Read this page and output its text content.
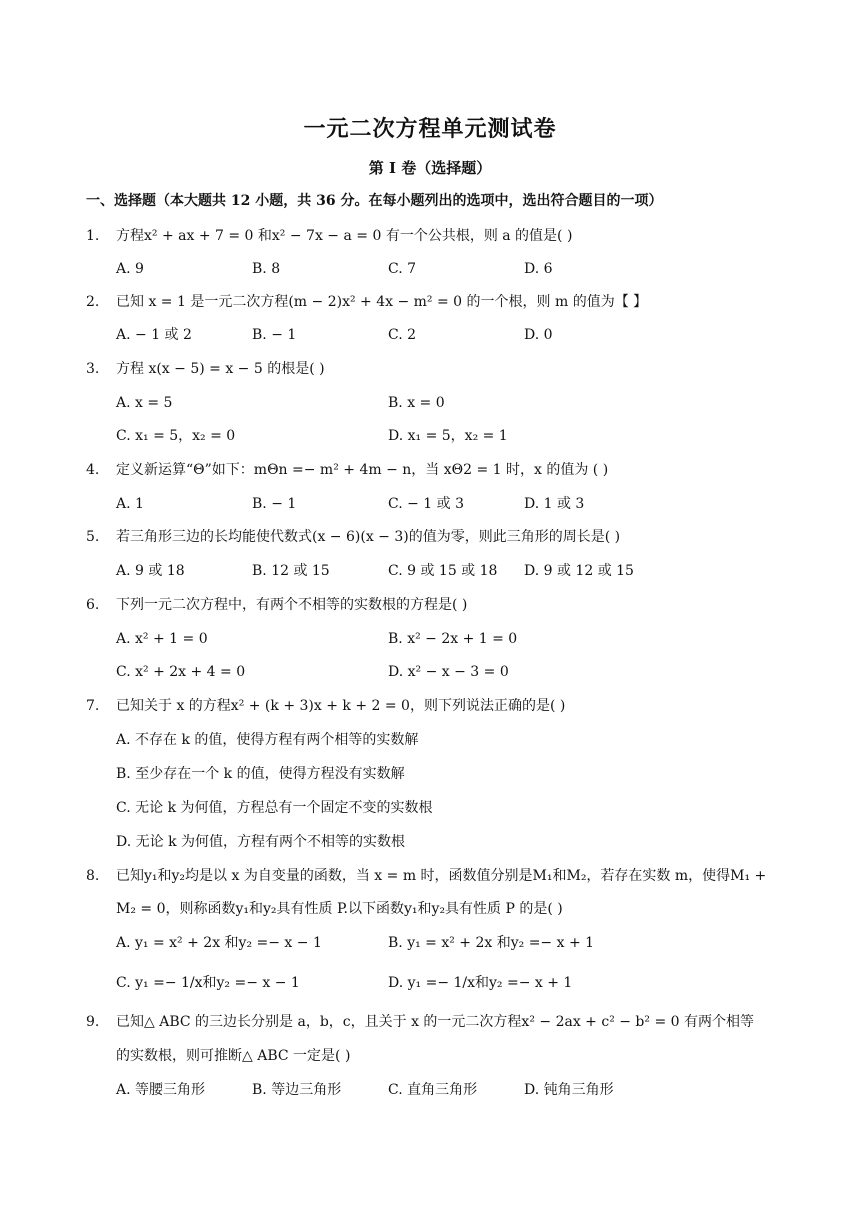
一元二次方程单元测试卷
第 I 卷（选择题）
一、选择题（本大题共 12 小题，共 36 分。在每小题列出的选项中，选出符合题目的一项）
1.	方程x² + ax + 7 = 0 和x² − 7x − a = 0 有一个公共根，则 a 的值是( )
A. 9	B. 8	C. 7	D. 6
2.	已知 x = 1 是一元二次方程(m − 2)x² + 4x − m² = 0 的一个根，则 m 的值为【 】
A. − 1 或 2	B. − 1	C. 2	D. 0
3.	方程 x(x − 5) = x − 5 的根是( )
A. x = 5	B. x = 0
C. x₁ = 5，x₂ = 0	D. x₁ = 5，x₂ = 1
4.	定义新运算“Θ”如下：mΘn =− m² + 4m − n，当 xΘ2 = 1 时，x 的值为 ( )
A. 1	B. − 1	C. − 1 或 3	D. 1 或 3
5.	若三角形三边的长均能使代数式(x − 6)(x − 3)的值为零，则此三角形的周长是( )
A. 9 或 18	B. 12 或 15	C. 9 或 15 或 18 D. 9 或 12 或 15
6.	下列一元二次方程中，有两个不相等的实数根的方程是( )
A. x² + 1 = 0	B. x² − 2x + 1 = 0
C. x² + 2x + 4 = 0	D. x² − x − 3 = 0
7.	已知关于 x 的方程x² + (k + 3)x + k + 2 = 0，则下列说法正确的是( )
A. 不存在 k 的值，使得方程有两个相等的实数解
B. 至少存在一个 k 的值，使得方程没有实数解
C. 无论 k 为何值，方程总有一个固定不变的实数根
D. 无论 k 为何值，方程有两个不相等的实数根
8.	已知y₁和y₂均是以 x 为自变量的函数，当 x = m 时，函数值分别是M₁和M₂，若存在实数 m，使得M₁ +
M₂ = 0，则称函数y₁和y₂具有性质 P.以下函数y₁和y₂具有性质 P 的是( )
A. y₁ = x² + 2x 和y₂ =− x − 1	B. y₁ = x² + 2x 和y₂ =− x + 1
C. y₁ =− 1/x和y₂ =− x − 1	D. y₁ =− 1/x和y₂ =− x + 1
9.	已知△ ABC 的三边长分别是 a，b，c，且关于 x 的一元二次方程x² − 2ax + c² − b² = 0 有两个相等
的实数根，则可推断△ ABC 一定是( )
A. 等腰三角形	B. 等边三角形	C. 直角三角形	D. 钝角三角形
